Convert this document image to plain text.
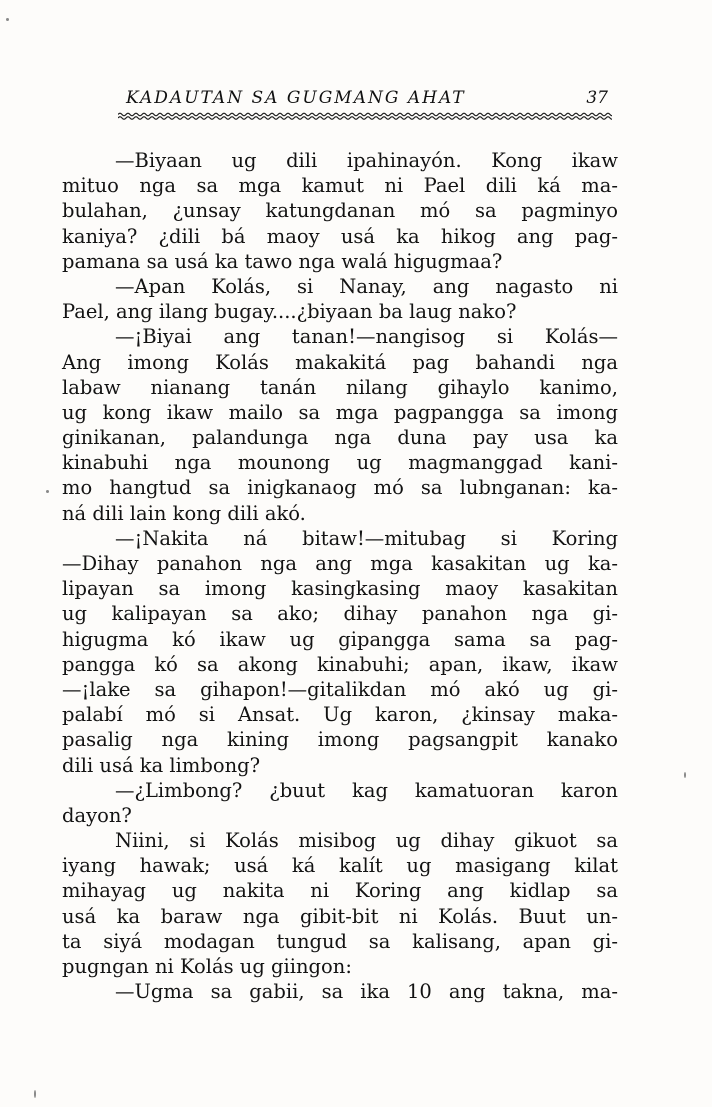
KADAUTAN SA GUGMANG AHAT	37
—Biyaan ug dili ipahinayón. Kong ikaw
mituo nga sa mga kamut ni Pael dili ká ma-
bulahan, ¿unsay katungdanan mó sa pagminyo
kaniya? ¿dili bá maoy usá ka hikog ang pag-
pamana sa usá ka tawo nga walá higugmaa?
—Apan Kolás, si Nanay, ang nagasto ni
Pael, ang ilang bugay....¿biyaan ba laug nako?
—¡Biyai ang tanan!—nangisog si Kolás—
Ang imong Kolás makakitá pag bahandi nga
labaw nianang tanán nilang gihaylo kanimo,
ug kong ikaw mailo sa mga pagpangga sa imong
ginikanan, palandunga nga duna pay usa ka
kinabuhi nga mounong ug magmanggad kani-
mo hangtud sa inigkanaog mó sa lubnganan: ka-
ná dili lain kong dili akó.
—¡Nakita ná bitaw!—mitubag si Koring
—Dihay panahon nga ang mga kasakitan ug ka-
lipayan sa imong kasingkasing maoy kasakitan
ug kalipayan sa ako; dihay panahon nga gi-
higugma kó ikaw ug gipangga sama sa pag-
pangga kó sa akong kinabuhi; apan, ikaw, ikaw
—¡lake sa gihapon!—gitalikdan mó akó ug gi-
palabí mó si Ansat. Ug karon, ¿kinsay maka-
pasalig nga kining imong pagsangpit kanako
dili usá ka limbong?
—¿Limbong? ¿buut kag kamatuoran karon
dayon?
Niini, si Kolás misibog ug dihay gikuot sa
iyang hawak; usá ká kalít ug masigang kilat
mihayag ug nakita ni Koring ang kidlap sa
usá ka baraw nga gibit-bit ni Kolás. Buut un-
ta siyá modagan tungud sa kalisang, apan gi-
pugngan ni Kolás ug giingon:
—Ugma sa gabii, sa ika 10 ang takna, ma-
